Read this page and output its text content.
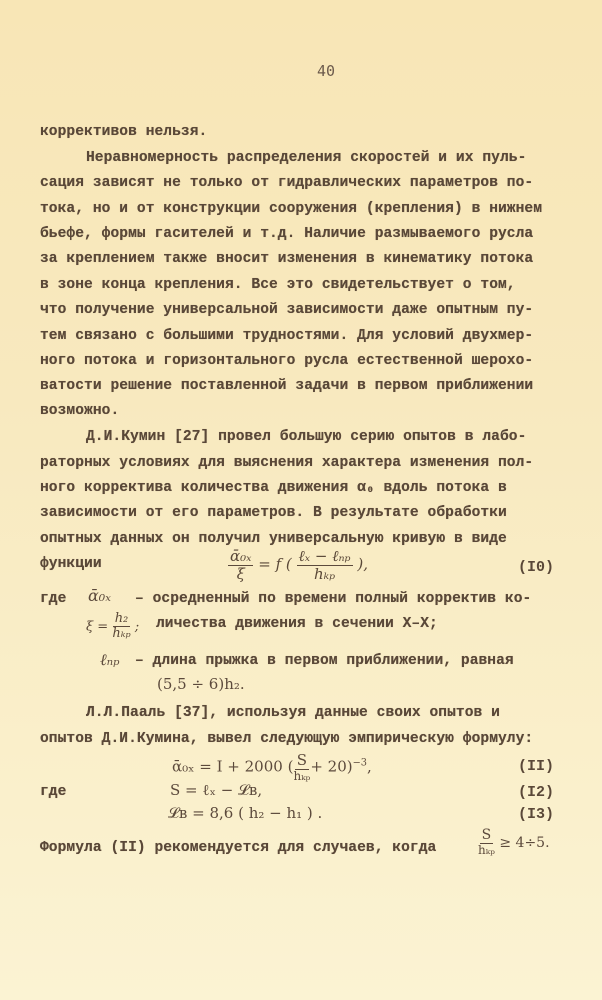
40
коррективов нельзя.
Неравномерность распределения скоростей и их пуль-
сация зависят не только от гидравлических параметров по-
тока, но и от конструкции сооружения (крепления) в нижнем
бьефе, формы гасителей и т.д. Наличие размываемого русла
за креплением также вносит изменения в кинематику потока
в зоне конца крепления. Все это свидетельствует о том,
что получение универсальной зависимости даже опытным пу-
тем связано с большими трудностями. Для условий двухмер-
ного потока и горизонтального русла естественной шерохо-
ватости решение поставленной задачи в первом приближении
возможно.
Д.И.Кумин [27] провел большую серию опытов в лабо-
раторных условиях для выяснения характера изменения пол-
ного корректива количества движения α₀ вдоль потока в
зависимости от его параметров. В результате обработки
опытных данных он получил универсальную кривую в виде
функции	$\frac{\text{ᾱ₀ₓ}}{\xi} = f$ ( $\frac{\text{ℓₓ − ℓₙₚ}}{\text{hₖₚ}}$ ),	(I0)
где ᾱ₀ₓ – осредненный по времени полный корректив ко-
личества движения в сечении X–X;
$\xi = \frac{\text{h₂}}{\text{hₖₚ}}$ ;
ℓₙₚ – длина прыжка в первом приближении, равная
(5,5 ÷ 6)h₂.
Л.Л.Пааль [37], используя данные своих опытов и
опытов Д.И.Кумина, вывел следующую эмпирическую формулу:
ᾱ₀ₓ = I + 2000 ( $\frac{S}{\text{hₖₚ}} + 20)^{-3}$,	(II)
где	S = ℓₓ − 𝓛в,	(I2)
𝓛в = 8,6 ( h₂ − h₁ ) .	(I3)
Формула (II) рекомендуется для случаев, когда	$\frac{S}{\text{hₖₚ}} \ge 4\div 5$.
